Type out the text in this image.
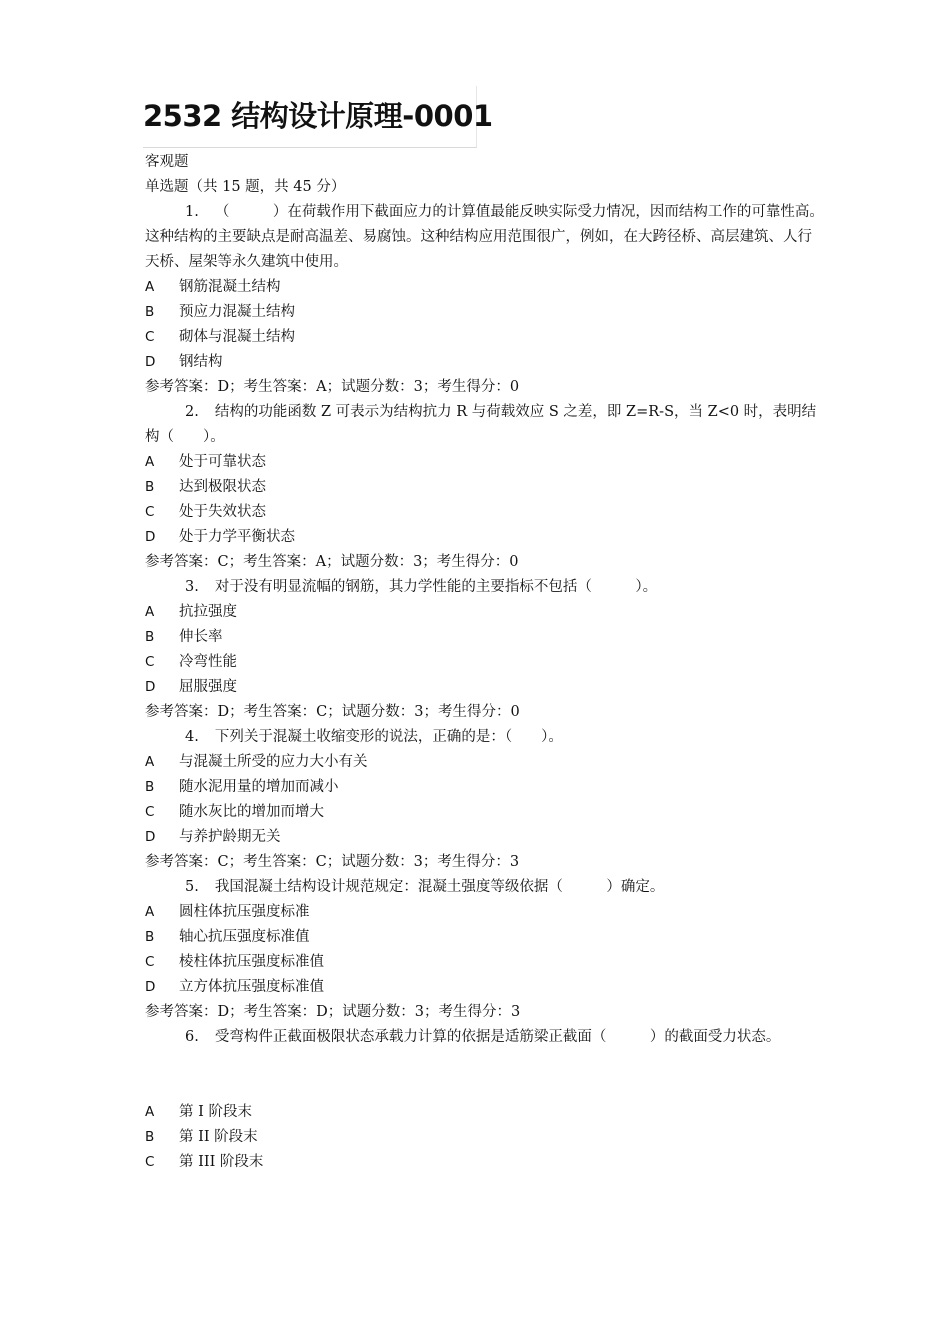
2532 结构设计原理-0001
客观题
单选题（共 15 题，共 45 分）
1. （　　　）在荷载作用下截面应力的计算值最能反映实际受力情况，因而结构工作的可靠性高。这种结构的主要缺点是耐高温差、易腐蚀。这种结构应用范围很广，例如，在大跨径桥、高层建筑、人行天桥、屋架等永久建筑中使用。
A	钢筋混凝土结构
B	预应力混凝土结构
C	砌体与混凝土结构
D	钢结构
参考答案：D；考生答案：A；试题分数：3；考生得分：0
2. 结构的功能函数 Z 可表示为结构抗力 R 与荷载效应 S 之差，即 Z=R-S，当 Z<0 时，表明结构（　　）。
A	处于可靠状态
B	达到极限状态
C	处于失效状态
D	处于力学平衡状态
参考答案：C；考生答案：A；试题分数：3；考生得分：0
3. 对于没有明显流幅的钢筋，其力学性能的主要指标不包括（　　　）。
A	抗拉强度
B	伸长率
C	冷弯性能
D	屈服强度
参考答案：D；考生答案：C；试题分数：3；考生得分：0
4. 下列关于混凝土收缩变形的说法，正确的是：（　　）。
A	与混凝土所受的应力大小有关
B	随水泥用量的增加而减小
C	随水灰比的增加而增大
D	与养护龄期无关
参考答案：C；考生答案：C；试题分数：3；考生得分：3
5. 我国混凝土结构设计规范规定：混凝土强度等级依据（　　　）确定。
A	圆柱体抗压强度标准
B	轴心抗压强度标准值
C	棱柱体抗压强度标准值
D	立方体抗压强度标准值
参考答案：D；考生答案：D；试题分数：3；考生得分：3
6. 受弯构件正截面极限状态承载力计算的依据是适筋梁正截面（　　　）的截面受力状态。
A	第 I 阶段末
B	第 II 阶段末
C	第 III 阶段末
